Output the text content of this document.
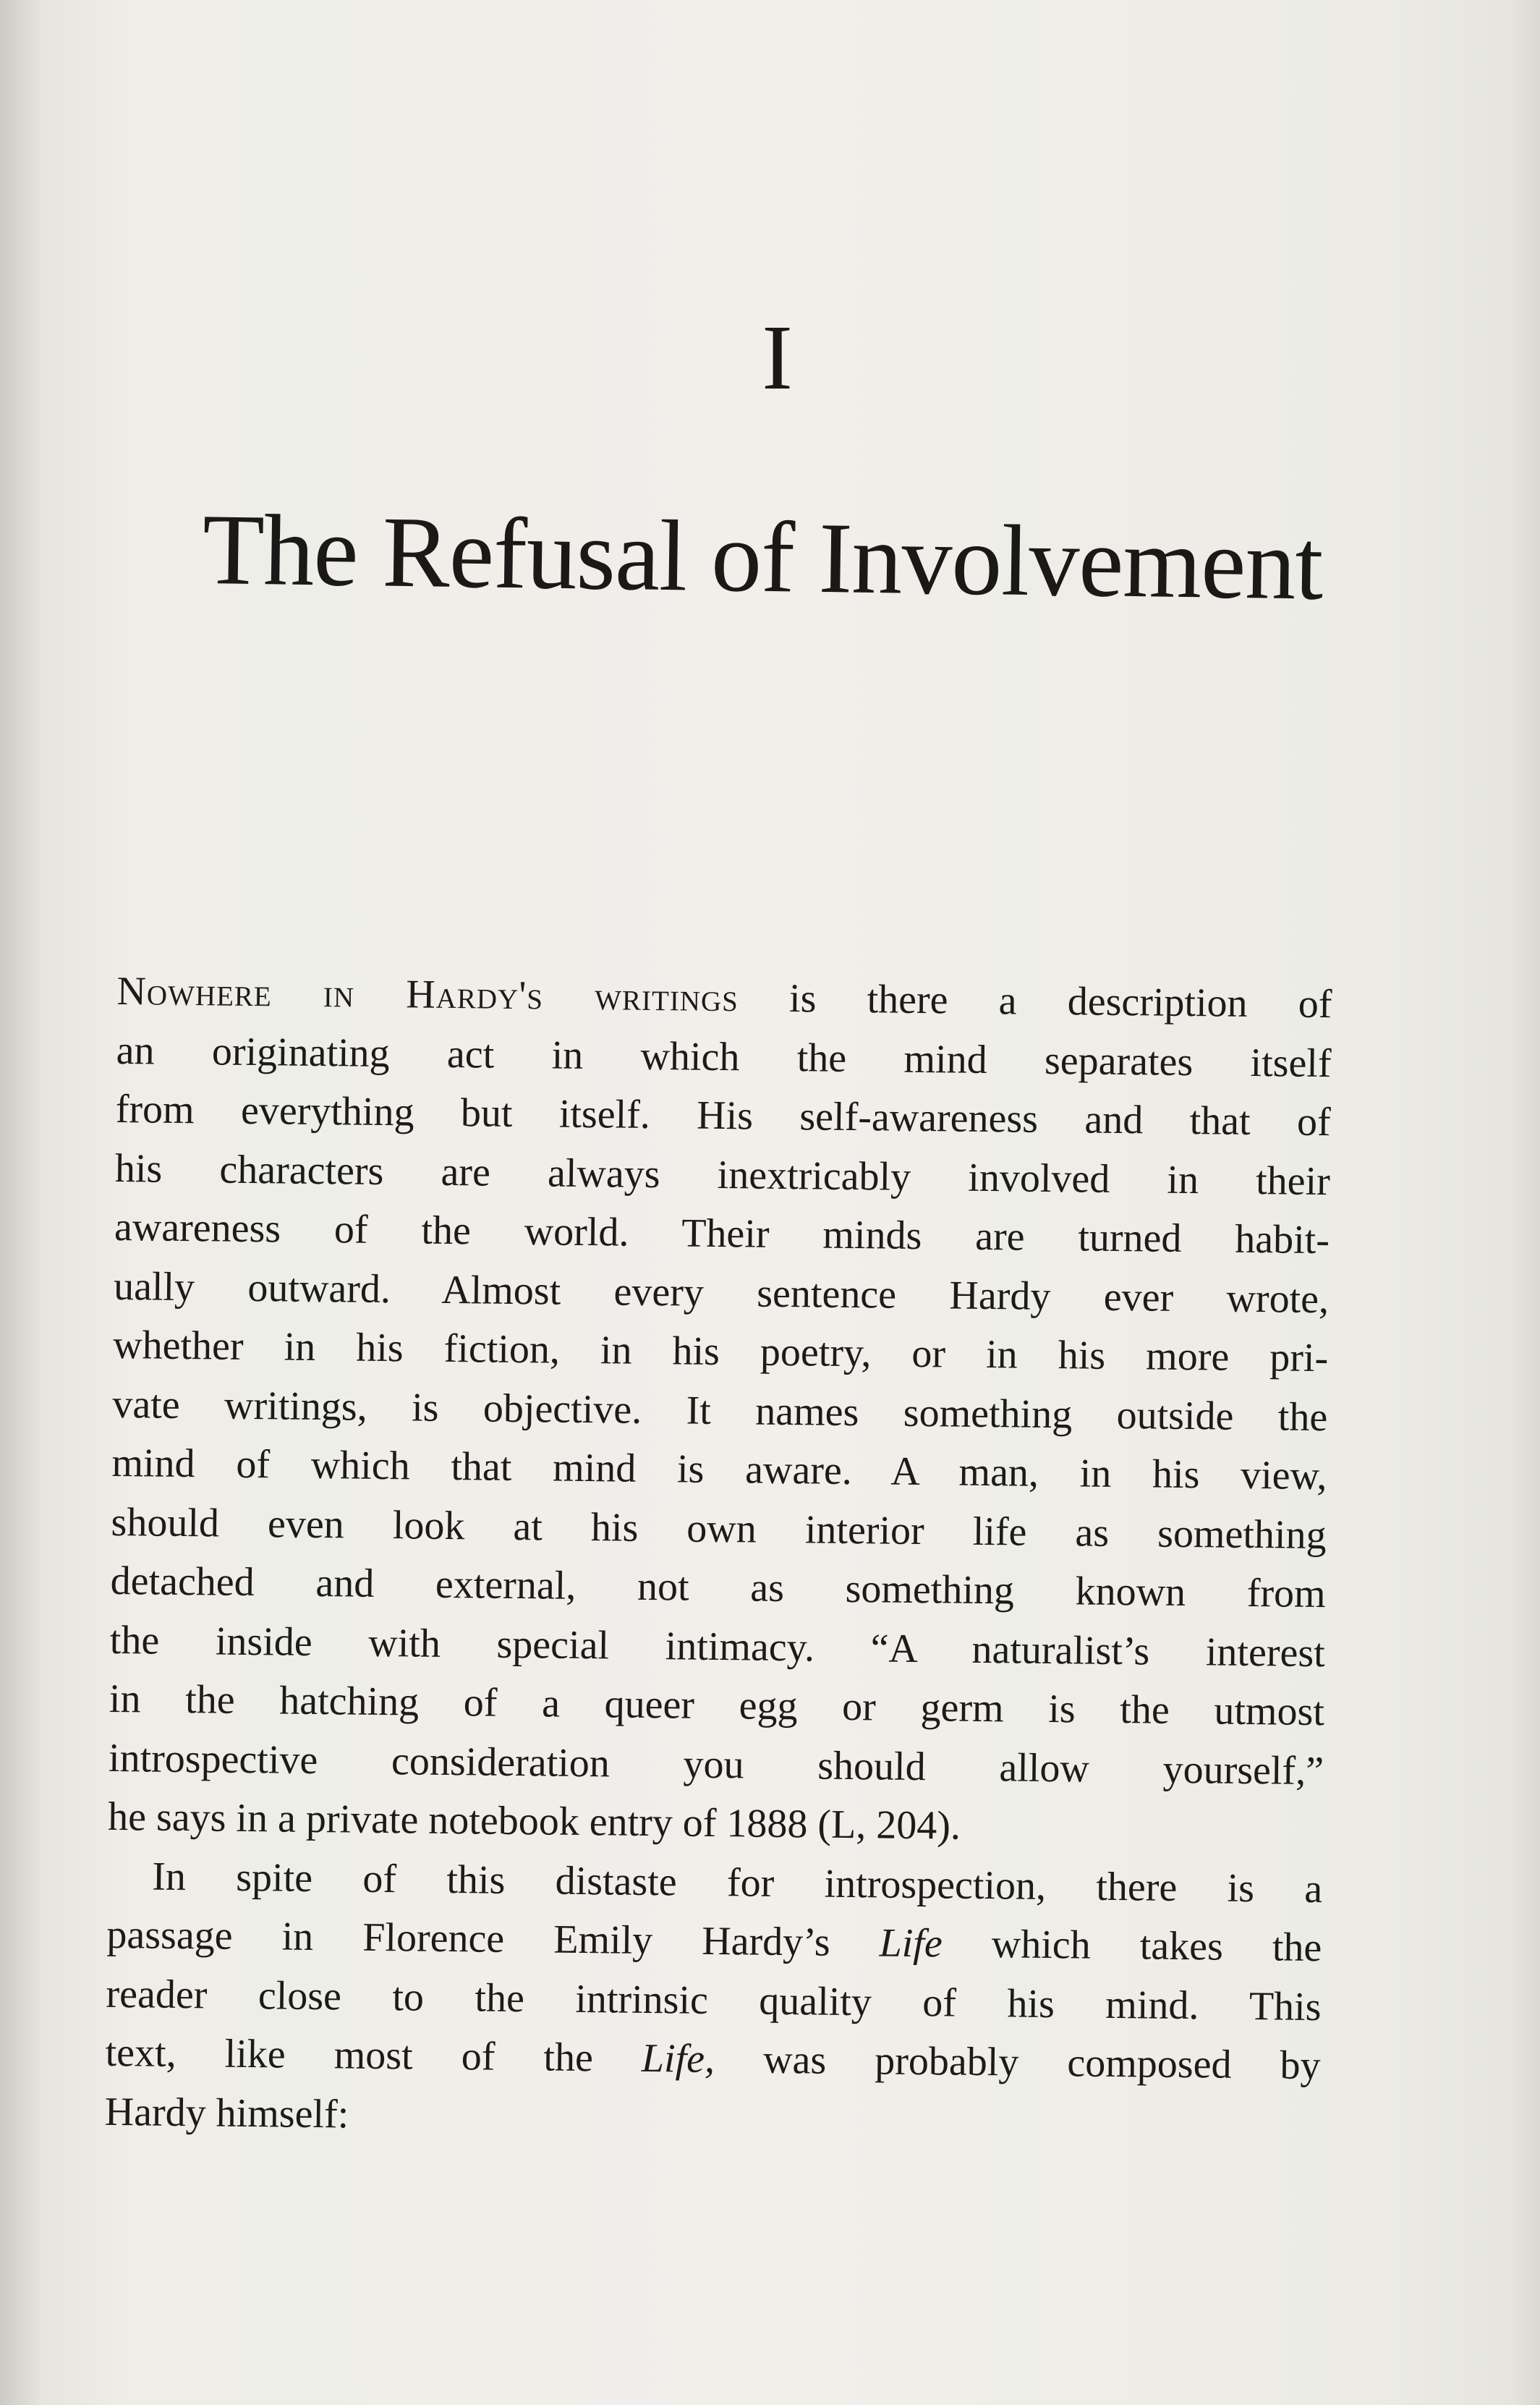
I
The Refusal of Involvement
Nowhere in Hardy's writings is there a description of
an originating act in which the mind separates itself
from everything but itself. His self-awareness and that of
his characters are always inextricably involved in their
awareness of the world. Their minds are turned habit-
ually outward. Almost every sentence Hardy ever wrote,
whether in his fiction, in his poetry, or in his more pri-
vate writings, is objective. It names something outside the
mind of which that mind is aware. A man, in his view,
should even look at his own interior life as something
detached and external, not as something known from
the inside with special intimacy. “A naturalist’s interest
in the hatching of a queer egg or germ is the utmost
introspective consideration you should allow yourself,”
he says in a private notebook entry of 1888 (L, 204).
In spite of this distaste for introspection, there is a
passage in Florence Emily Hardy’s Life which takes the
reader close to the intrinsic quality of his mind. This
text, like most of the Life, was probably composed by
Hardy himself:
